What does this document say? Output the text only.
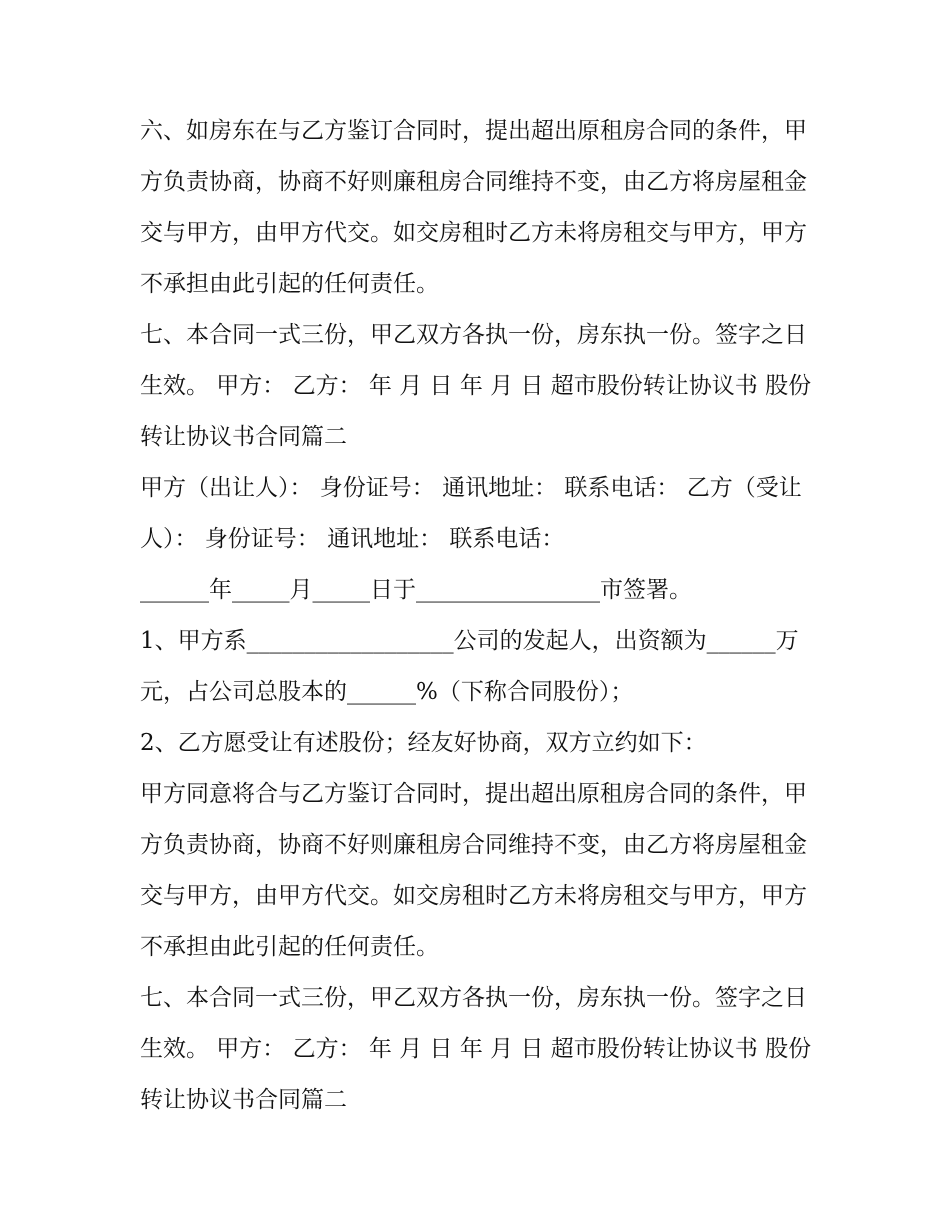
六、如房东在与乙方鉴订合同时，提出超出原租房合同的条件，甲方负责协商，协商不好则廉租房合同维持不变，由乙方将房屋租金交与甲方，由甲方代交。如交房租时乙方未将房租交与甲方，甲方不承担由此引起的任何责任。

七、本合同一式三份，甲乙双方各执一份，房东执一份。签字之日生效。 甲方： 乙方： 年 月 日 年 月 日 超市股份转让协议书 股份转让协议书合同篇二

甲方（出让人）： 身份证号： 通讯地址： 联系电话： 乙方（受让人）： 身份证号： 通讯地址： 联系电话：

______年_____月_____日于________________市签署。

1、甲方系__________________公司的发起人，出资额为______万元，占公司总股本的______%（下称合同股份）；

2、乙方愿受让有述股份；经友好协商，双方立约如下：

甲方同意将合与乙方鉴订合同时，提出超出原租房合同的条件，甲方负责协商，协商不好则廉租房合同维持不变，由乙方将房屋租金交与甲方，由甲方代交。如交房租时乙方未将房租交与甲方，甲方不承担由此引起的任何责任。

七、本合同一式三份，甲乙双方各执一份，房东执一份。签字之日生效。 甲方： 乙方： 年 月 日 年 月 日 超市股份转让协议书 股份转让协议书合同篇二
